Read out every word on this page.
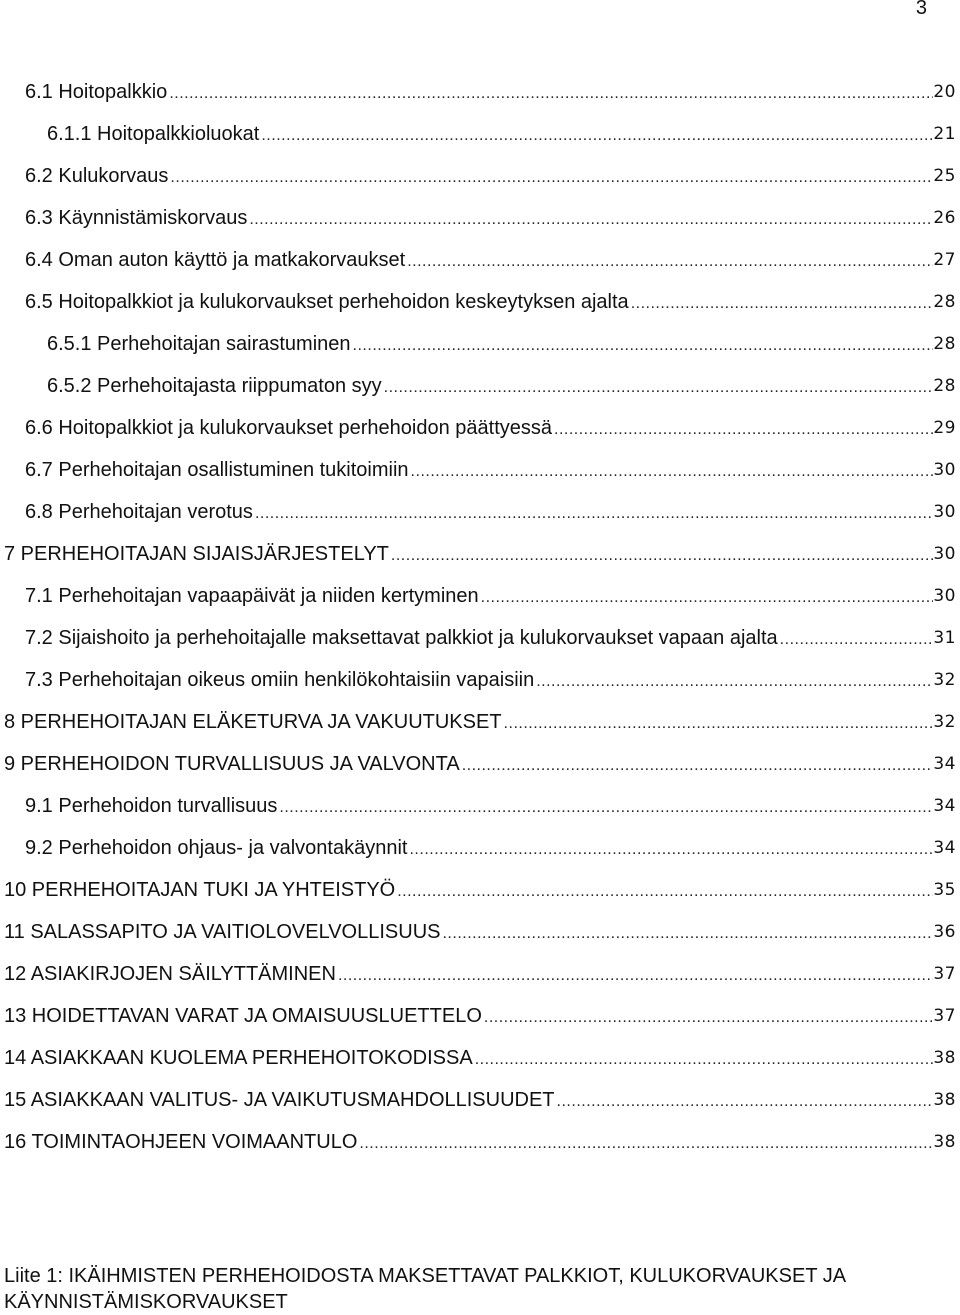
3
6.1 Hoitopalkkio .....	20
6.1.1 Hoitopalkkioluokat .....	21
6.2 Kulukorvaus .....	25
6.3 Käynnistämiskorvaus .....	26
6.4 Oman auton käyttö ja matkakorvaukset .....	27
6.5 Hoitopalkkiot ja kulukorvaukset perhehoidon keskeytyksen ajalta .....	28
6.5.1 Perhehoitajan sairastuminen .....	28
6.5.2 Perhehoitajasta riippumaton syy .....	28
6.6 Hoitopalkkiot ja kulukorvaukset perhehoidon päättyessä .....	29
6.7 Perhehoitajan osallistuminen tukitoimiin .....	30
6.8 Perhehoitajan verotus .....	30
7 PERHEHOITAJAN SIJAISJÄRJESTELYT .....	30
7.1 Perhehoitajan vapaapäivät ja niiden kertyminen .....	30
7.2 Sijaishoito ja perhehoitajalle maksettavat palkkiot ja kulukorvaukset vapaan ajalta .....	31
7.3 Perhehoitajan oikeus omiin henkilökohtaisiin vapaisiin .....	32
8 PERHEHOITAJAN ELÄKETURVA JA VAKUUTUKSET .....	32
9 PERHEHOIDON TURVALLISUUS JA VALVONTA .....	34
9.1 Perhehoidon turvallisuus .....	34
9.2 Perhehoidon ohjaus- ja valvontakäynnit .....	34
10 PERHEHOITAJAN TUKI JA YHTEISTYÖ .....	35
11 SALASSAPITO JA VAITIOLOVELVOLLISUUS .....	36
12 ASIAKIRJOJEN SÄILYTTÄMINEN .....	37
13 HOIDETTAVAN VARAT JA OMAISUUSLUETTELO .....	37
14 ASIAKKAAN KUOLEMA PERHEHOITOKODISSA .....	38
15 ASIAKKAAN VALITUS- JA VAIKUTUSMAHDOLLISUUDET .....	38
16 TOIMINTAOHJEEN VOIMAANTULO .....	38
Liite 1: IKÄIHMISTEN PERHEHOIDOSTA MAKSETTAVAT PALKKIOT, KULUKORVAUKSET JA KÄYNNISTÄMISKORVAUKSET
